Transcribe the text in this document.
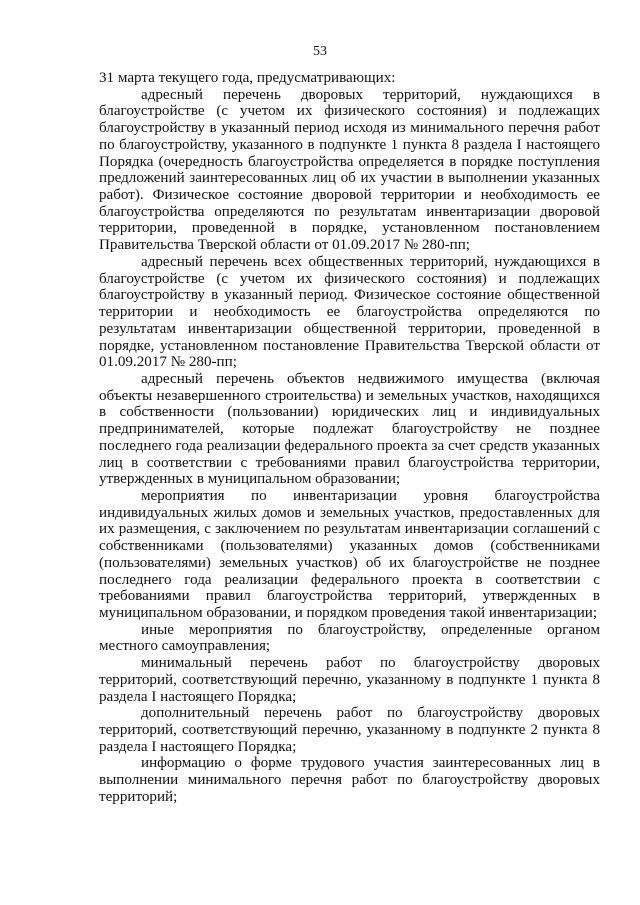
53

31 марта текущего года, предусматривающих:

адресный перечень дворовых территорий, нуждающихся в благоустройстве (с учетом их физического состояния) и подлежащих благоустройству в указанный период исходя из минимального перечня работ по благоустройству, указанного в подпункте 1 пункта 8 раздела I настоящего Порядка (очередность благоустройства определяется в порядке поступления предложений заинтересованных лиц об их участии в выполнении указанных работ). Физическое состояние дворовой территории и необходимость ее благоустройства определяются по результатам инвентаризации дворовой территории, проведенной в порядке, установленном постановлением Правительства Тверской области от 01.09.2017 № 280-пп;

адресный перечень всех общественных территорий, нуждающихся в благоустройстве (с учетом их физического состояния) и подлежащих благоустройству в указанный период. Физическое состояние общественной территории и необходимость ее благоустройства определяются по результатам инвентаризации общественной территории, проведенной в порядке, установленном постановление Правительства Тверской области от 01.09.2017 № 280-пп;

адресный перечень объектов недвижимого имущества (включая объекты незавершенного строительства) и земельных участков, находящихся в собственности (пользовании) юридических лиц и индивидуальных предпринимателей, которые подлежат благоустройству не позднее последнего года реализации федерального проекта за счет средств указанных лиц в соответствии с требованиями правил благоустройства территории, утвержденных в муниципальном образовании;

мероприятия по инвентаризации уровня благоустройства индивидуальных жилых домов и земельных участков, предоставленных для их размещения, с заключением по результатам инвентаризации соглашений с собственниками (пользователями) указанных домов (собственниками (пользователями) земельных участков) об их благоустройстве не позднее последнего года реализации федерального проекта в соответствии с требованиями правил благоустройства территорий, утвержденных в муниципальном образовании, и порядком проведения такой инвентаризации;

иные мероприятия по благоустройству, определенные органом местного самоуправления;

минимальный перечень работ по благоустройству дворовых территорий, соответствующий перечню, указанному в подпункте 1 пункта 8 раздела I настоящего Порядка;

дополнительный перечень работ по благоустройству дворовых территорий, соответствующий перечню, указанному в подпункте 2 пункта 8 раздела I настоящего Порядка;

информацию о форме трудового участия заинтересованных лиц в выполнении минимального перечня работ по благоустройству дворовых территорий;
